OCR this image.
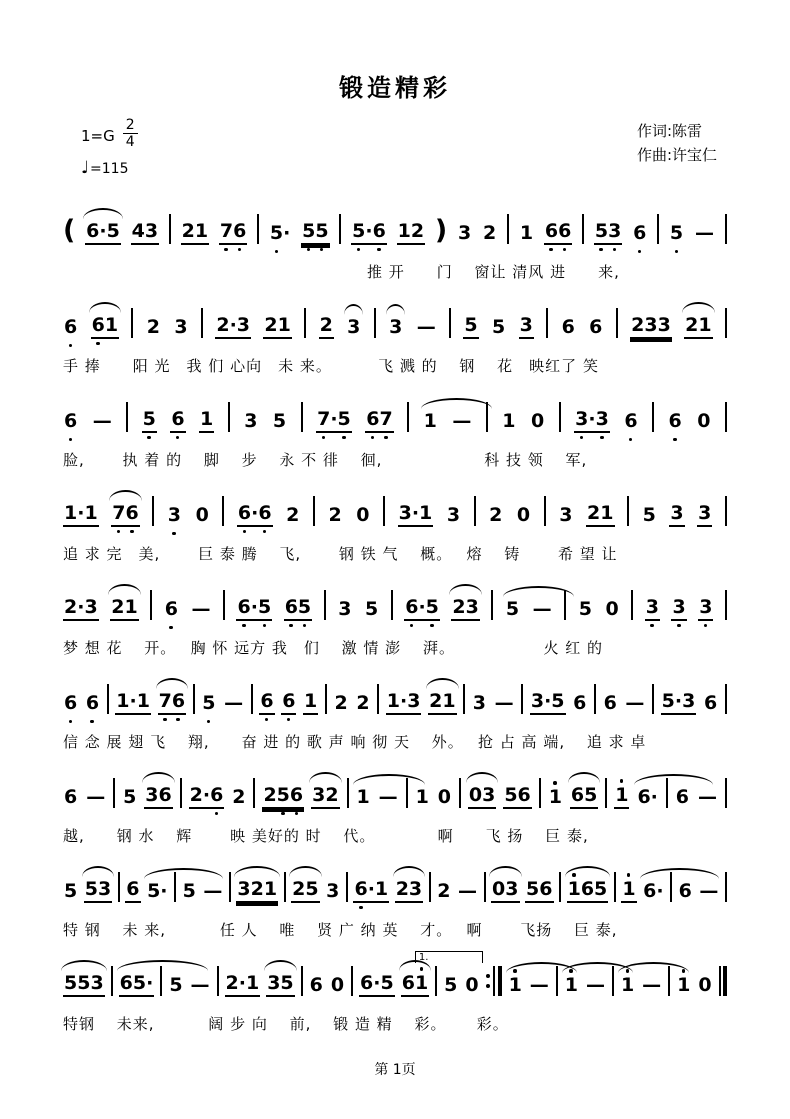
锻造精彩
$1=G \frac{2}{4}$
♩=115
作词:陈雷
作曲:许宝仁
( 6·5 43 21 7
6 5
· 5
5 5
·6 12 ) 3 2 1 6
6 5
3 6 5 —
　　　　　　　　　　　　　　　　　　　推 开　　门　 窗让 清风 进　　来,
6 6
1 2 3 2·3 21 2 3 3 — 5 5 3 6 6 233 21
手 捧　　阳 光　我 们 心向　未 来。　　　 飞 溅 的　 钢　 花　映红了 笑
6 — 5 6 1 3 5 7
·5 6
7 1 — 1 0 3
·3 6 6 0
脸,　　 执 着 的　 脚　 步　 永 不 徘　 徊,　　　　　　 科 技 领　 军,
1·1 7
6 3 0 6
·6 2 2 0 3·1 3 2 0 3 21 5 3 3
追 求 完　美,　　 巨 泰 腾　 飞,　　 钢 铁 气　 概。　 熔　 铸　　 希 望 让
2·3 21 6 — 6
·5 6
5 3 5 6
·5 23 5 — 5 0 3 3 3
梦 想 花　 开。　 胸 怀 远方 我　们　 激 情 澎　 湃。　　　　　　火 红 的
6 6 1·1 7
6 5 — 6 6 1 2 2 1·3 21 3 — 3·5 6 6 — 5·3 6
信 念 展 翅 飞　 翔,　　奋 进 的 歌 声 响 彻 天　 外。　 抢 占 高 端,　 追 求 卓
6 — 5 36 2·6 2 25
6 32 1 — 1 0 03 56 1 65 1 6· 6 —
越,　　钢 水　 辉　　 映 美好的 时　 代。　　　　 啊　　飞 扬　 巨 泰,
5 53 6 5· 5 — 321 25 3 6
·1 23 2 — 03 56 1
65 1 6· 6 —
特 钢　 未 来,　　　 任 人　 唯　 贤 广 纳 英　 才。　 啊　　 飞扬　 巨 泰,
1.
553 65· 5 — 2·1 35 6 0 6·5 61 5 0 1 — 1 — 1 — 1 0
特钢　 未来,　　　 阔 步 向　 前,　 锻 造 精　 彩。　　 彩。
第 1页
